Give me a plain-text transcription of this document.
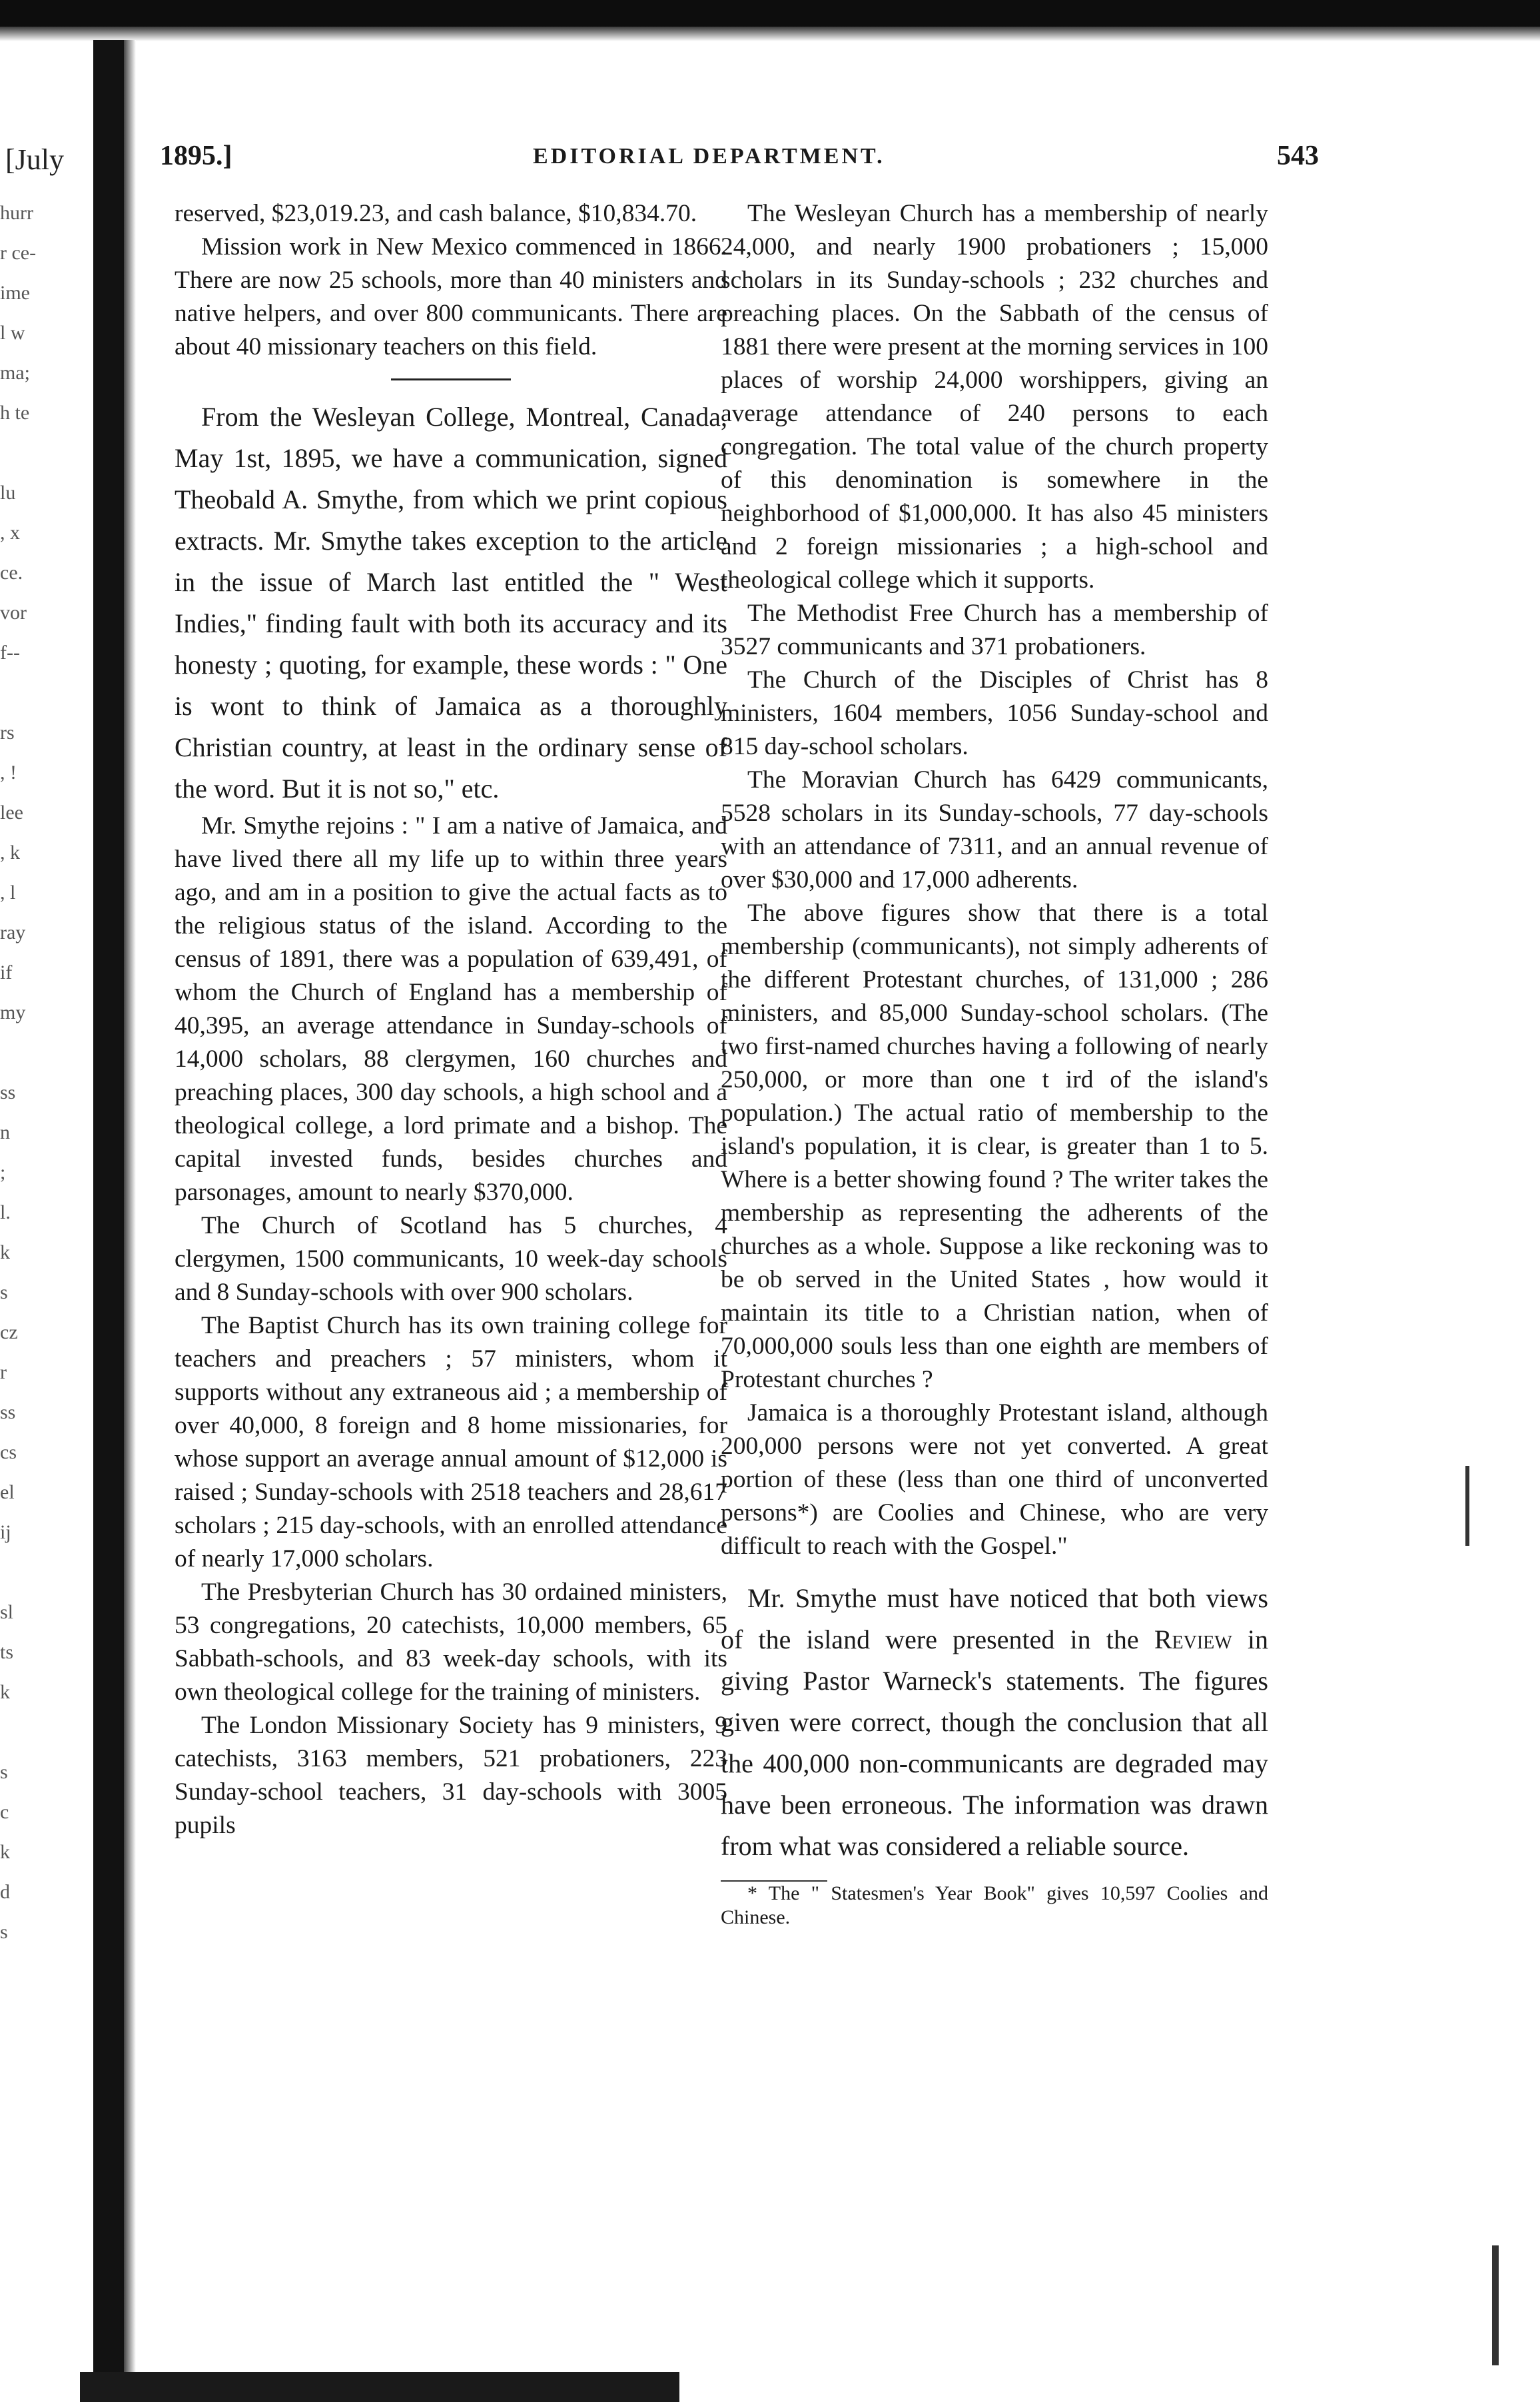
[July

hurr
r ce-
ime
l w
ma;
h te

lu
, x
ce.
vor
f--

rs
, !
lee
, k
, l
ray
if
my

ss
n
;
l.
k
s
cz
r
ss
cs
el
ij

sl
ts
k

s
c
k
d
s

1895.]	EDITORIAL DEPARTMENT.	543

reserved, $23,019.23, and cash balance, $10,834.70.

Mission work in New Mexico commenced in 1866. There are now 25 schools, more than 40 ministers and native helpers, and over 800 communicants. There are about 40 missionary teachers on this field.

From the Wesleyan College, Montreal, Canada, May 1st, 1895, we have a communication, signed Theobald A. Smythe, from which we print copious extracts. Mr. Smythe takes exception to the article in the issue of March last entitled the " West Indies," finding fault with both its accuracy and its honesty ; quoting, for example, these words : " One is wont to think of Jamaica as a thoroughly Christian country, at least in the ordinary sense of the word. But it is not so," etc.

Mr. Smythe rejoins : " I am a native of Jamaica, and have lived there all my life up to within three years ago, and am in a position to give the actual facts as to the religious status of the island. According to the census of 1891, there was a population of 639,491, of whom the Church of England has a membership of 40,395, an average attendance in Sunday-schools of 14,000 scholars, 88 clergymen, 160 churches and preaching places, 300 day schools, a high school and a theological college, a lord primate and a bishop. The capital invested funds, besides churches and parsonages, amount to nearly $370,000.

The Church of Scotland has 5 churches, 4 clergymen, 1500 communicants, 10 week-day schools and 8 Sunday-schools with over 900 scholars.

The Baptist Church has its own training college for teachers and preachers ; 57 ministers, whom it supports without any extraneous aid ; a membership of over 40,000, 8 foreign and 8 home missionaries, for whose support an average annual amount of $12,000 is raised ; Sunday-schools with 2518 teachers and 28,617 scholars ; 215 day-schools, with an enrolled attendance of nearly 17,000 scholars.

The Presbyterian Church has 30 ordained ministers, 53 congregations, 20 catechists, 10,000 members, 65 Sabbath-schools, and 83 week-day schools, with its own theological college for the training of ministers.

The London Missionary Society has 9 ministers, 9 catechists, 3163 members, 521 probationers, 223 Sunday-school teachers, 31 day-schools with 3005 pupils

The Wesleyan Church has a membership of nearly 24,000, and nearly 1900 probationers ; 15,000 scholars in its Sunday-schools ; 232 churches and preaching places. On the Sabbath of the census of 1881 there were present at the morning services in 100 places of worship 24,000 worshippers, giving an average attendance of 240 persons to each congregation. The total value of the church property of this denomination is somewhere in the neighborhood of $1,000,000. It has also 45 ministers and 2 foreign missionaries ; a high-school and theological college which it supports.

The Methodist Free Church has a membership of 3527 communicants and 371 probationers.

The Church of the Disciples of Christ has 8 ministers, 1604 members, 1056 Sunday-school and 815 day-school scholars.

The Moravian Church has 6429 communicants, 5528 scholars in its Sunday-schools, 77 day-schools with an attendance of 7311, and an annual revenue of over $30,000 and 17,000 adherents.

The above figures show that there is a total membership (communicants), not simply adherents of the different Protestant churches, of 131,000 ; 286 ministers, and 85,000 Sunday-school scholars. (The two first-named churches having a following of nearly 250,000, or more than one t ird of the island's population.) The actual ratio of membership to the island's population, it is clear, is greater than 1 to 5. Where is a better showing found ? The writer takes the membership as representing the adherents of the churches as a whole. Suppose a like reckoning was to be ob served in the United States , how would it maintain its title to a Christian nation, when of 70,000,000 souls less than one eighth are members of Protestant churches ?

Jamaica is a thoroughly Protestant island, although 200,000 persons were not yet converted. A great portion of these (less than one third of unconverted persons*) are Coolies and Chinese, who are very difficult to reach with the Gospel."

Mr. Smythe must have noticed that both views of the island were presented in the Review in giving Pastor Warneck's statements. The figures given were correct, though the conclusion that all the 400,000 non-communicants are degraded may have been erroneous. The information was drawn from what was considered a reliable source.

* The " Statesmen's Year Book" gives 10,597 Coolies and Chinese.
